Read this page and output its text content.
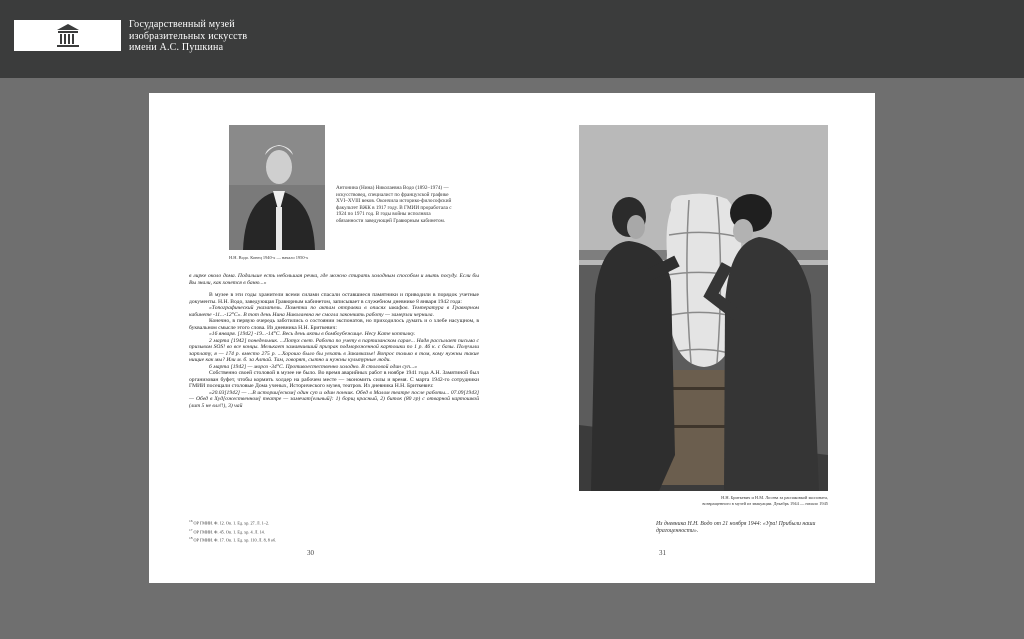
Государственный музей
изобразительных искусств
имени А.С. Пушкина
Н.Н. Водо. Конец 1940-х — начало 1950-х
Антонина (Нина) Николаевна Водо (1892–1974) — искусствовед, специалист по французской графике XVI–XVIII веков. Окончила историко-философский факультет ВЖК в 1917 году. В ГМИИ проработала с 1924 по 1971 год. В годы войны исполняла обязанности заведующей Гравюрным кабинетом.

в лирке около дома. Подальше есть небольшая речка, где можно стирать холодным способом и мыть посуду. Если бы Вы знали, как хочется в баню...»

В музее в эти годы хранители всеми силами спасали оставшиеся памятники и приводили в порядок учетные документы. Н.Н. Водо, заведующая Гравюрным кабинетом, записывает в служебном дневнике 8 января 1942 года:

«Топографический указатель. Пометки по актам отправки в описях шкафов. Температура в Гравюрном кабинете -11...-12°С». В тот день Нина Николаевна не смогла закончить работу — замерзли чернила.

Конечно, в первую очередь заботились о состоянии экспонатов, но приходилось думать и о хлебе насущном, в буквальном смысле этого слова. Из дневника Н.Н. Бриткевич:

«16 января. [1942] -19...-14°С. Весь день акты в бомбоубежище. Несу Кате коптилку.

2 марта [1942] понедельник. ...Потух свет. Работа по учету в партизанском сарае... Надя рассылает письма с призывом SOS! во все концы. Мелькает замаячивший призрак подмороженной картошки по 1 р. 46 к. с базы. Получили зарплату, я — 174 р. вместо 275 р. ...Хорошо было бы уехать в Закавказье! Вопрос только в том, кому нужны такие нищие как мы? Или м. б. за Алтай. Там, говорят, сытно и нужны культурные люди.

6 марта [1942] — мороз -34°С. Противоестественно холодно. В столовой один суп...»

Собственно своей столовой в музее не было. Во время аварийных работ в ноябре 1941 года А.Н. Замятиной был организован буфет, чтобы кормить холдер на рабочем месте — экономить силы и время. С марта 1942-го сотрудники ГМИИ посещали столовые Дома ученых, Исторического музея, театров. Из дневника Н.Н. Бриткевич:

«20.03[1942] — ...В истории[еском] один суп и один пончик. Обед в Малом театре после работы... 07.09[1943] — Обед в Худ[ожественном] театре — замечат[ельный]: 1) борщ красный, 2) биток (80 гр) с отварной картошкой (лит 5 не влл!!), 3) чай

$^{16}$ ОР ГМИИ. Ф. 12. Оп. 1. Ед. хр. 27. Л. 1–2.
$^{17}$ ОР ГМИИ. Ф. 45. Оп. 1. Ед. хр. 4. Л. 14.
$^{18}$ ОР ГМИИ. Ф. 17. Оп. 1. Ед. хр. 110. Л. 8, 8 об.
30
Н.Н. Бриткевич и Н.М. Лосева за распаковкой экспоната, возвращенного в музей из эвакуации. Декабрь 1944 — начало 1945
Из дневника Н.Н. Водо от 21 ноября 1944: «Ура! Прибыли наши драгоценности».
31
